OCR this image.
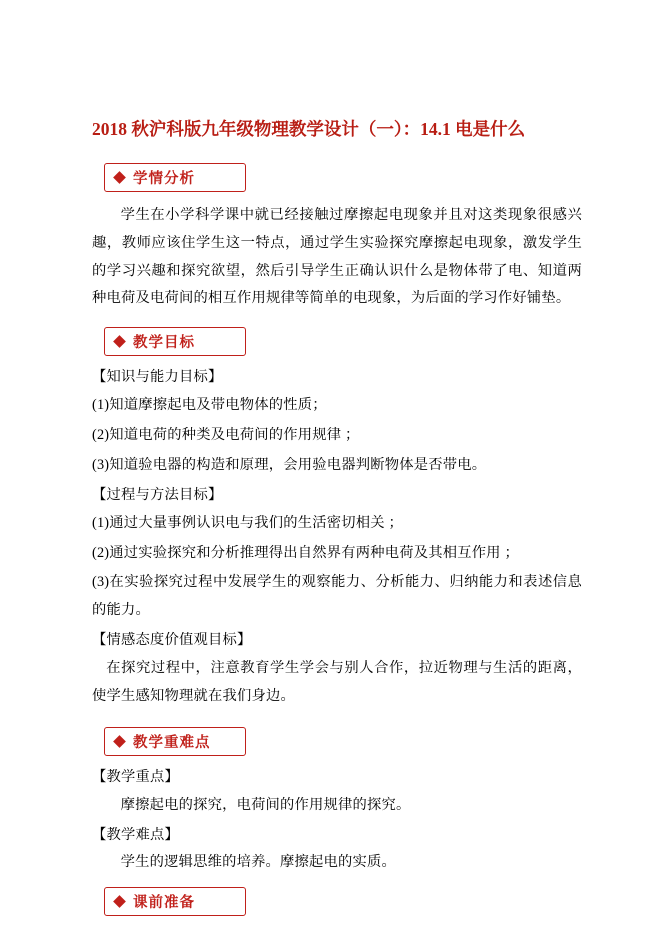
2018 秋沪科版九年级物理教学设计（一）：14.1 电是什么
学情分析

学生在小学科学课中就已经接触过摩擦起电现象并且对这类现象很感兴趣，教师应该住学生这一特点，通过学生实验探究摩擦起电现象，激发学生的学习兴趣和探究欲望，然后引导学生正确认识什么是物体带了电、知道两种电荷及电荷间的相互作用规律等简单的电现象，为后面的学习作好铺垫。

教学目标

【知识与能力目标】

(1)知道摩擦起电及带电物体的性质；

(2)知道电荷的种类及电荷间的作用规律 ；

(3)知道验电器的构造和原理，会用验电器判断物体是否带电。

【过程与方法目标】

(1)通过大量事例认识电与我们的生活密切相关 ；

(2)通过实验探究和分析推理得出自然界有两种电荷及其相互作用 ；

(3)在实验探究过程中发展学生的观察能力、分析能力、归纳能力和表述信息的能力。

【情感态度价值观目标】

在探究过程中，注意教育学生学会与别人合作，拉近物理与生活的距离，使学生感知物理就在我们身边。

教学重难点

【教学重点】

摩擦起电的探究，电荷间的作用规律的探究。

【教学难点】

学生的逻辑思维的培养。摩擦起电的实质。

课前准备
